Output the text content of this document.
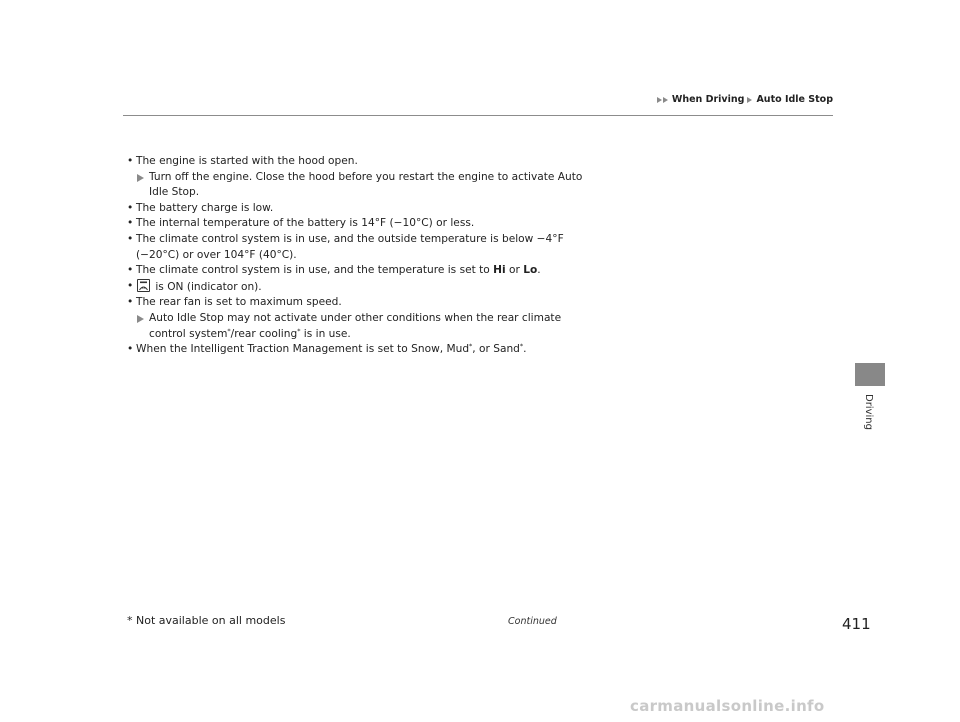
When Driving Auto Idle Stop
• The engine is started with the hood open.
Turn off the engine. Close the hood before you restart the engine to activate Auto Idle Stop.
• The battery charge is low.
• The internal temperature of the battery is 14°F (−10°C) or less.
• The climate control system is in use, and the outside temperature is below −4°F (−20°C) or over 104°F (40°C).
• The climate control system is in use, and the temperature is set to Hi or Lo.
• is ON (indicator on).
• The rear fan is set to maximum speed.
Auto Idle Stop may not activate under other conditions when the rear climate control system*/rear cooling* is in use.
• When the Intelligent Traction Management is set to Snow, Mud*, or Sand*.
Driving
* Not available on all models	Continued	411
carmanualsonline.info
